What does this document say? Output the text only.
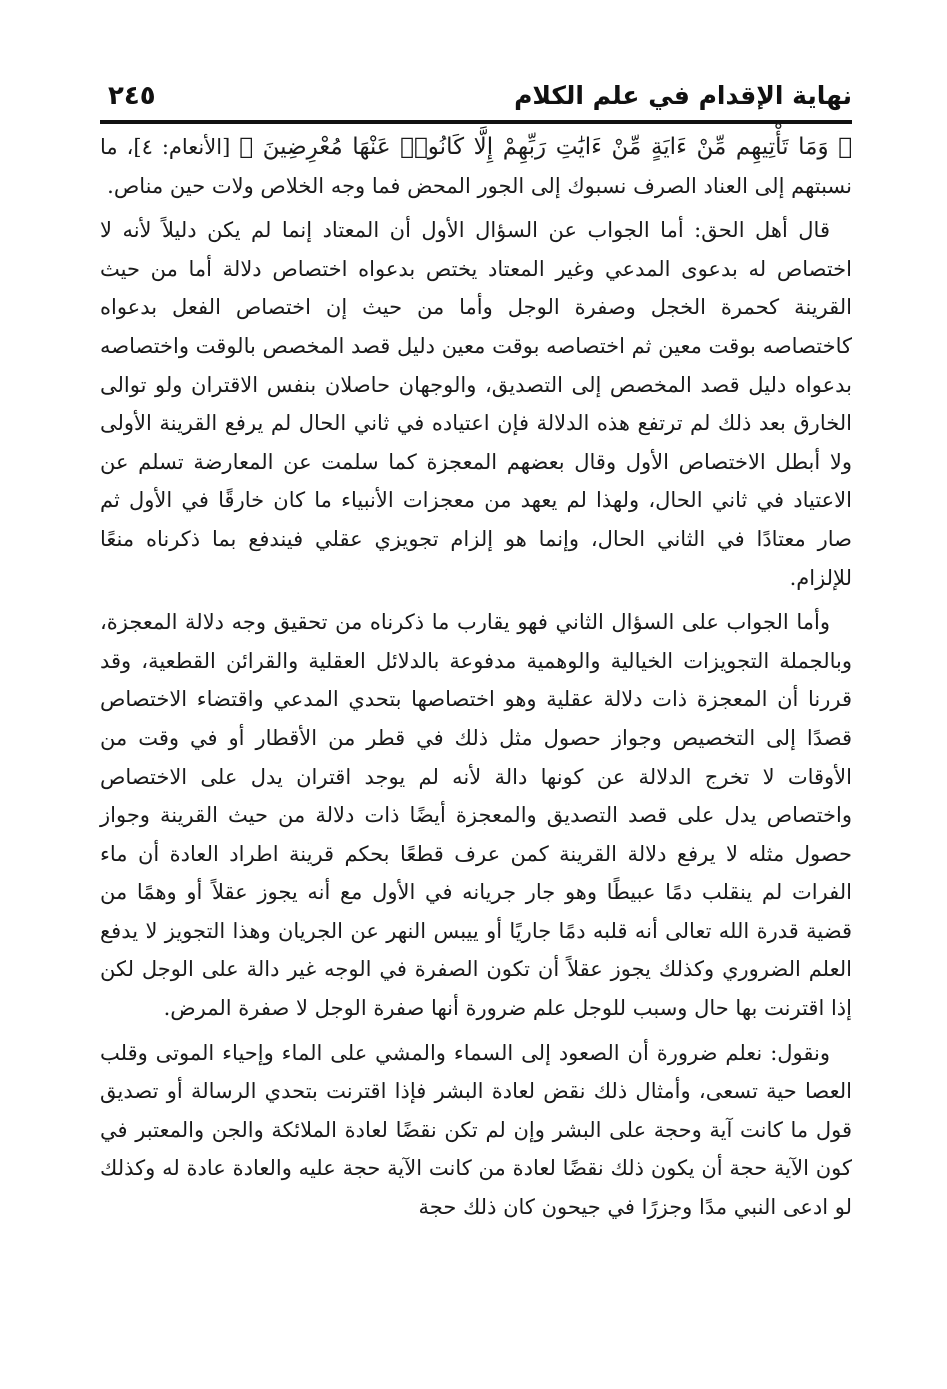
نهاية الإقدام في علم الكلام
٢٤٥

﴿ وَمَا تَأْتِيهِم مِّنْ ءَايَةٍ مِّنْ ءَايَٰتِ رَبِّهِمْ إِلَّا كَانُوا۟ عَنْهَا مُعْرِضِينَ ﴾ [الأنعام: ٤]، ما نسبتهم إلى العناد الصرف نسبوك إلى الجور المحض فما وجه الخلاص ولات حين مناص.

قال أهل الحق: أما الجواب عن السؤال الأول أن المعتاد إنما لم يكن دليلاً لأنه لا اختصاص له بدعوى المدعي وغير المعتاد يختص بدعواه اختصاص دلالة أما من حيث القرينة كحمرة الخجل وصفرة الوجل وأما من حيث إن اختصاص الفعل بدعواه كاختصاصه بوقت معين ثم اختصاصه بوقت معين دليل قصد المخصص بالوقت واختصاصه بدعواه دليل قصد المخصص إلى التصديق، والوجهان حاصلان بنفس الاقتران ولو توالى الخارق بعد ذلك لم ترتفع هذه الدلالة فإن اعتياده في ثاني الحال لم يرفع القرينة الأولى ولا أبطل الاختصاص الأول وقال بعضهم المعجزة كما سلمت عن المعارضة تسلم عن الاعتياد في ثاني الحال، ولهذا لم يعهد من معجزات الأنبياء ما كان خارقًا في الأول ثم صار معتادًا في الثاني الحال، وإنما هو إلزام تجويزي عقلي فيندفع بما ذكرناه منعًا للإلزام.

وأما الجواب على السؤال الثاني فهو يقارب ما ذكرناه من تحقيق وجه دلالة المعجزة، وبالجملة التجويزات الخيالية والوهمية مدفوعة بالدلائل العقلية والقرائن القطعية، وقد قررنا أن المعجزة ذات دلالة عقلية وهو اختصاصها بتحدي المدعي واقتضاء الاختصاص قصدًا إلى التخصيص وجواز حصول مثل ذلك في قطر من الأقطار أو في وقت من الأوقات لا تخرج الدلالة عن كونها دالة لأنه لم يوجد اقتران يدل على الاختصاص واختصاص يدل على قصد التصديق والمعجزة أيضًا ذات دلالة من حيث القرينة وجواز حصول مثله لا يرفع دلالة القرينة كمن عرف قطعًا بحكم قرينة اطراد العادة أن ماء الفرات لم ينقلب دمًا عبيطًا وهو جار جريانه في الأول مع أنه يجوز عقلاً أو وهمًا من قضية قدرة الله تعالى أنه قلبه دمًا جاريًا أو ييبس النهر عن الجريان وهذا التجويز لا يدفع العلم الضروري وكذلك يجوز عقلاً أن تكون الصفرة في الوجه غير دالة على الوجل لكن إذا اقترنت بها حال وسبب للوجل علم ضرورة أنها صفرة الوجل لا صفرة المرض.

ونقول: نعلم ضرورة أن الصعود إلى السماء والمشي على الماء وإحياء الموتى وقلب العصا حية تسعى، وأمثال ذلك نقض لعادة البشر فإذا اقترنت بتحدي الرسالة أو تصديق قول ما كانت آية وحجة على البشر وإن لم تكن نقضًا لعادة الملائكة والجن والمعتبر في كون الآية حجة أن يكون ذلك نقضًا لعادة من كانت الآية حجة عليه والعادة عادة له وكذلك لو ادعى النبي مدًا وجزرًا في جيحون كان ذلك حجة
